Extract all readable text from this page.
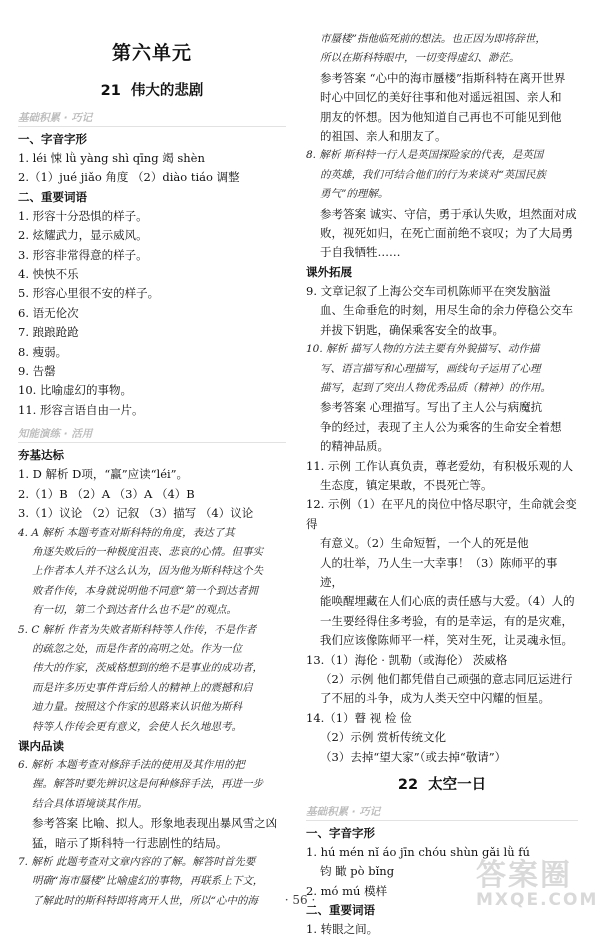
第六单元
21 伟大的悲剧
基础积累 · 巧记
一、字音字形
1. léi 悚 lǜ yàng shì qīng 竭 shèn
2.（1）jué jiǎo 角度 （2）diào tiáo 调整
二、重要词语
1. 形容十分恐惧的样子。
2. 炫耀武力，显示威风。
3. 形容非常得意的样子。
4. 怏怏不乐
5. 形容心里很不安的样子。
6. 语无伦次
7. 踉踉跄跄
8. 瘦弱。
9. 告罄
10. 比喻虚幻的事物。
11. 形容言语自由一片。
知能演练 · 活用
夯基达标
1. D 解析 D项，“赢”应读“léi”。
2.（1）B （2）A （3）A （4）B
3.（1）议论 （2）记叙 （3）描写 （4）议论
4. A 解析 本题考查对斯科特的角度，表达了其
角逐失败后的一种极度沮丧、悲哀的心情。但事实
上作者本人并不这么认为，因为他为斯科特这个失
败者作传，本身就说明他不同意“第一个到达者拥
有一切，第二个到达者什么也不是”的观点。
5. C 解析 作者为失败者斯科特等人作传，不是作者
的疏忽之处，而是作者的高明之处。作为一位
伟大的作家，茨威格想到的绝不是事业的成功者，
而是许多历史事件背后给人的精神上的震撼和启
迪力量。按照这个作家的思路来认识他为斯科
特等人作传会更有意义，会使人长久地思考。
课内品读
6. 解析 本题考查对修辞手法的使用及其作用的把
握。解答时要先辨识这是何种修辞手法，再进一步
结合具体语境谈其作用。
参考答案 比喻、拟人。形象地表现出暴风雪之凶
猛，暗示了斯科特一行悲剧性的结局。
7. 解析 此题考查对文章内容的了解。解答时首先要
明确“海市蜃楼”比喻虚幻的事物，再联系上下文，
了解此时的斯科特即将离开人世，所以“心中的海
市蜃楼”指他临死前的想法。也正因为即将辞世，
所以在斯科特眼中，一切变得虚幻、渺茫。
参考答案 “心中的海市蜃楼”指斯科特在离开世界
时心中回忆的美好往事和他对遥远祖国、亲人和
朋友的怀想。因为他知道自己再也不可能见到他
的祖国、亲人和朋友了。
8. 解析 斯科特一行人是英国探险家的代表，是英国
的英雄，我们可结合他们的行为来谈对“英国民族
勇气”的理解。
参考答案 诚实、守信，勇于承认失败，坦然面对成
败，视死如归，在死亡面前绝不哀叹；为了大局勇
于自我牺牲……
课外拓展
9. 文章记叙了上海公交车司机陈师平在突发脑溢
血、生命垂危的时刻，用尽生命的余力停稳公交车
并拔下钥匙，确保乘客安全的故事。
10. 解析 描写人物的方法主要有外貌描写、动作描
写、语言描写和心理描写，画线句子运用了心理
描写，起到了突出人物优秀品质（精神）的作用。
参考答案 心理描写。写出了主人公与病魔抗
争的经过，表现了主人公为乘客的生命安全着想
的精神品质。
11. 示例 工作认真负责，尊老爱幼，有积极乐观的人
生态度，镇定果敢，不畏死亡等。
12. 示例（1）在平凡的岗位中恪尽职守，生命就会变得
有意义。（2）生命短暂，一个人的死是他
人的壮举，乃人生一大幸事！（3）陈师平的事迹，
能唤醒埋藏在人们心底的责任感与大爱。（4）人的
一生要经得住多考验，有的是幸运，有的是灾难，
我们应该像陈师平一样，笑对生死，让灵魂永恒。
13.（1）海伦 · 凯勒（或海伦） 茨威格
（2）示例 他们都凭借自己顽强的意志同厄运进行
了不屈的斗争，成为人类天空中闪耀的恒星。
14.（1）瞽 视 检 俭
（2）示例 赏析传统文化
（3）去掉“望大家”（或去掉“敬请”）
22 太空一日
基础积累 · 巧记
一、字音字形
1. hú mén nǐ áo jīn chóu shùn gǎi lǜ fú
钧 瞰 pò bǐng
2. mó mú 模样
二、重要词语
1. 转眼之间。
· 56 ·
答案圈
MXQE.COM
